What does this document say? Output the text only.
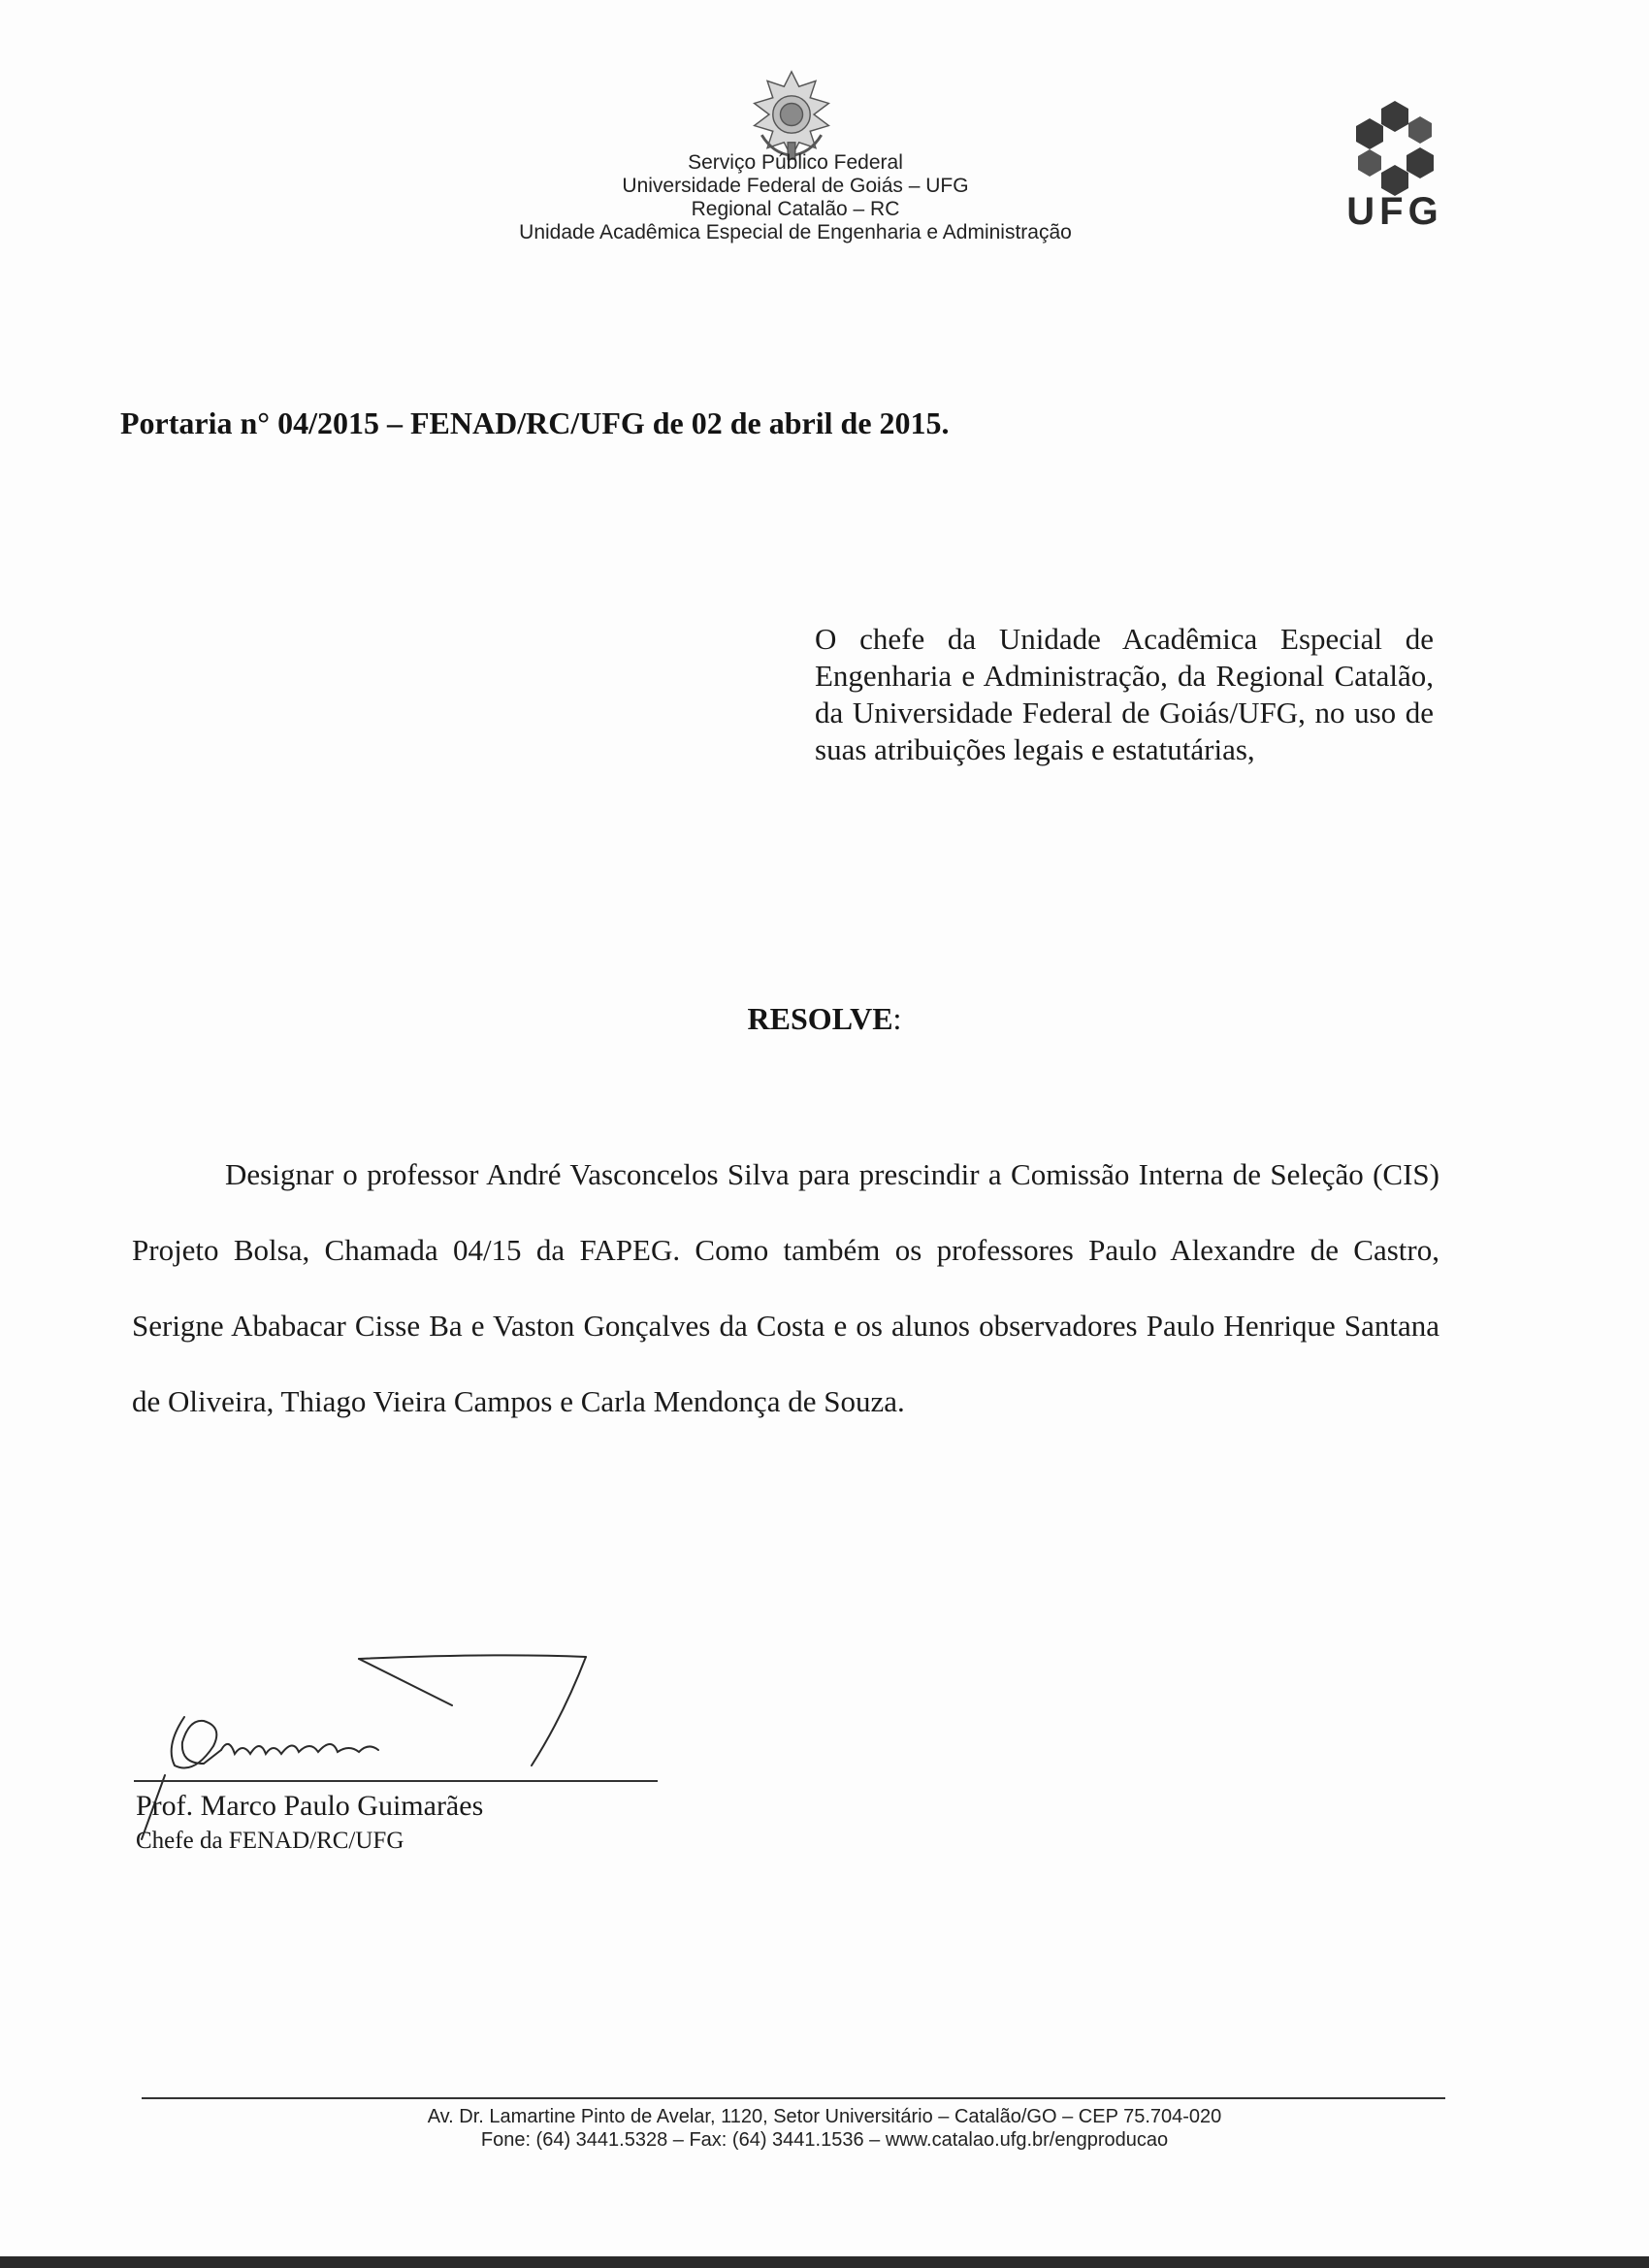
Serviço Público Federal
Universidade Federal de Goiás – UFG
Regional Catalão – RC
Unidade Acadêmica Especial de Engenharia e Administração	UFG
Portaria n° 04/2015 – FENAD/RC/UFG de 02 de abril de 2015.
O chefe da Unidade Acadêmica Especial de Engenharia e Administração, da Regional Catalão, da Universidade Federal de Goiás/UFG, no uso de suas atribuições legais e estatutárias,
RESOLVE:
Designar o professor André Vasconcelos Silva para prescindir a Comissão Interna de Seleção (CIS) Projeto Bolsa, Chamada 04/15 da FAPEG. Como também os professores Paulo Alexandre de Castro, Serigne Ababacar Cisse Ba e Vaston Gonçalves da Costa e os alunos observadores Paulo Henrique Santana de Oliveira, Thiago Vieira Campos e Carla Mendonça de Souza.
Prof. Marco Paulo Guimarães
Chefe da FENAD/RC/UFG
Av. Dr. Lamartine Pinto de Avelar, 1120, Setor Universitário – Catalão/GO – CEP 75.704-020
Fone: (64) 3441.5328 – Fax: (64) 3441.1536 – www.catalao.ufg.br/engproducao
